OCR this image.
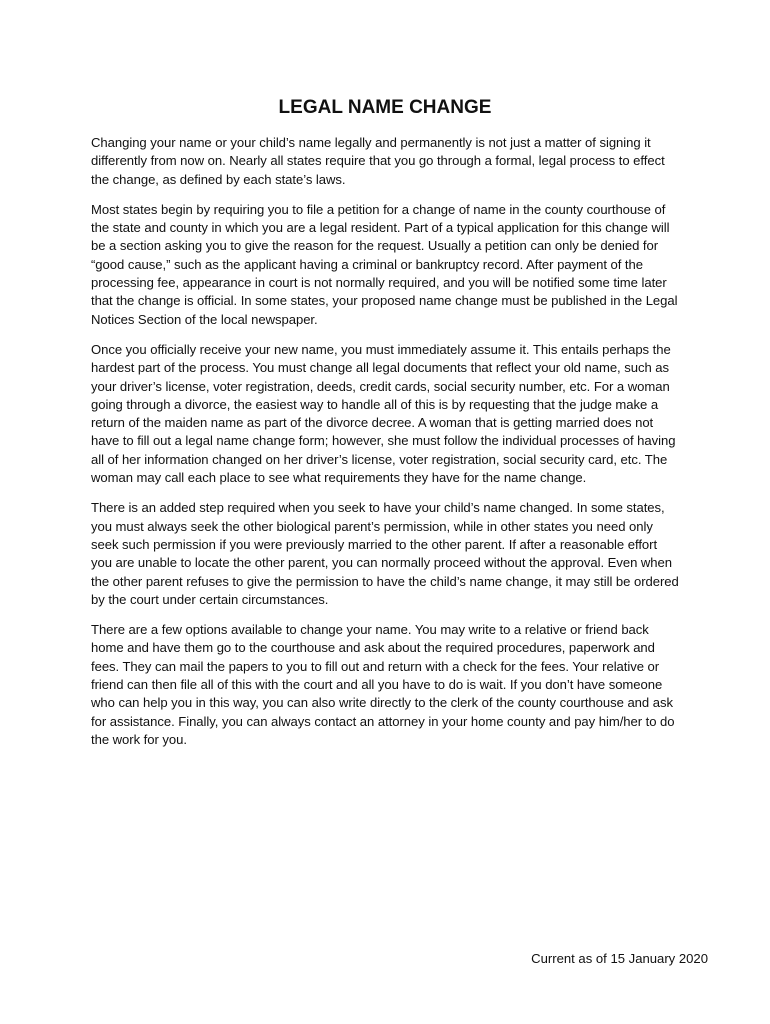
LEGAL NAME CHANGE

Changing your name or your child’s name legally and permanently is not just a matter of signing it differently from now on. Nearly all states require that you go through a formal, legal process to effect the change, as defined by each state’s laws.

Most states begin by requiring you to file a petition for a change of name in the county courthouse of the state and county in which you are a legal resident. Part of a typical application for this change will be a section asking you to give the reason for the request. Usually a petition can only be denied for “good cause,” such as the applicant having a criminal or bankruptcy record. After payment of the processing fee, appearance in court is not normally required, and you will be notified some time later that the change is official. In some states, your proposed name change must be published in the Legal Notices Section of the local newspaper.

Once you officially receive your new name, you must immediately assume it. This entails perhaps the hardest part of the process. You must change all legal documents that reflect your old name, such as your driver’s license, voter registration, deeds, credit cards, social security number, etc. For a woman going through a divorce, the easiest way to handle all of this is by requesting that the judge make a return of the maiden name as part of the divorce decree. A woman that is getting married does not have to fill out a legal name change form; however, she must follow the individual processes of having all of her information changed on her driver’s license, voter registration, social security card, etc. The woman may call each place to see what requirements they have for the name change.

There is an added step required when you seek to have your child’s name changed. In some states, you must always seek the other biological parent’s permission, while in other states you need only seek such permission if you were previously married to the other parent. If after a reasonable effort you are unable to locate the other parent, you can normally proceed without the approval. Even when the other parent refuses to give the permission to have the child’s name change, it may still be ordered by the court under certain circumstances.

There are a few options available to change your name. You may write to a relative or friend back home and have them go to the courthouse and ask about the required procedures, paperwork and fees. They can mail the papers to you to fill out and return with a check for the fees. Your relative or friend can then file all of this with the court and all you have to do is wait. If you don’t have someone who can help you in this way, you can also write directly to the clerk of the county courthouse and ask for assistance. Finally, you can always contact an attorney in your home county and pay him/her to do the work for you.

Current as of 15 January 2020
